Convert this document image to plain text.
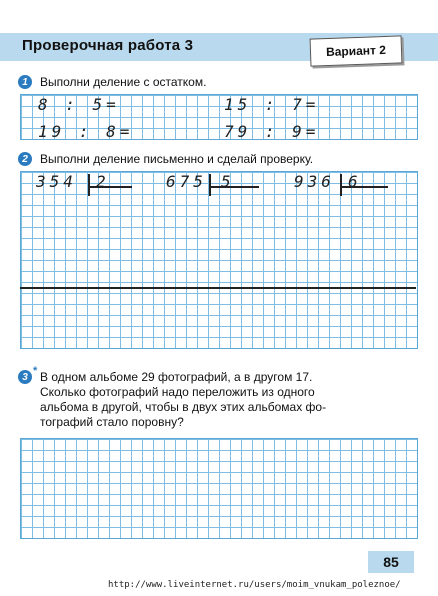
Проверочная работа 3	Вариант 2
1	Выполни деление с остатком.
8 : 5=	15 : 7=
19 : 8=	79 : 9=
2	Выполни деление письменно и сделай проверку.
354 2	675 5	936 6
3 * В одном альбоме 29 фотографий, а в другом 17.
Сколько фотографий надо переложить из одного
альбома в другой, чтобы в двух этих альбомах фо-
тографий стало поровну?
85
http://www.liveinternet.ru/users/moim_vnukam_poleznoe/
